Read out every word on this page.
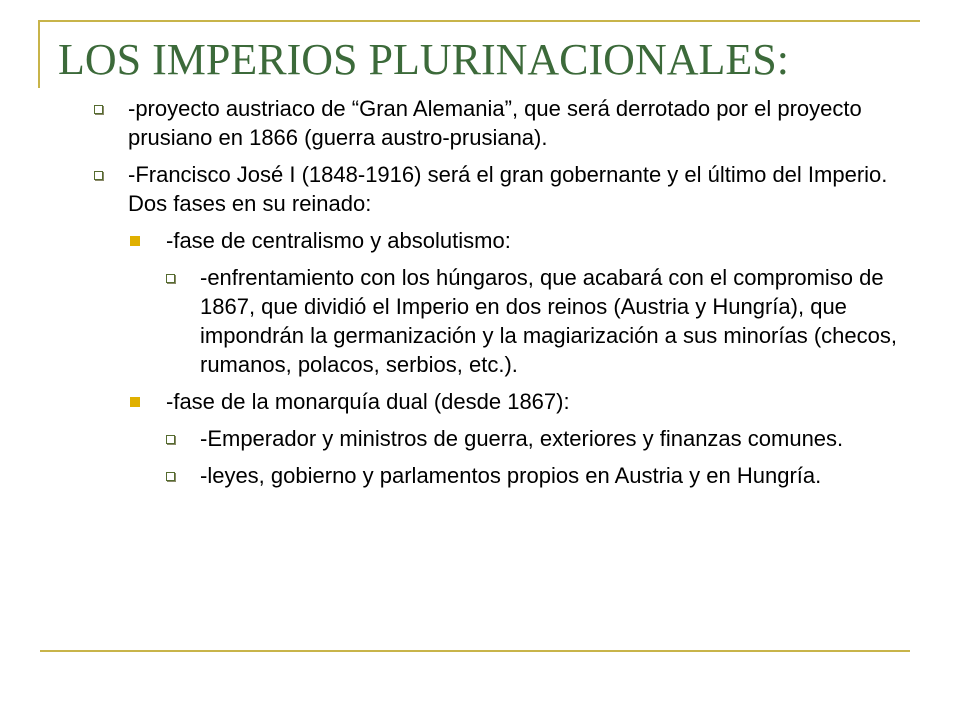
LOS IMPERIOS PLURINACIONALES:
-proyecto austriaco de “Gran Alemania”, que será derrotado por el proyecto prusiano en 1866 (guerra austro-prusiana).
-Francisco José I (1848-1916) será el gran gobernante y el último del Imperio. Dos fases en su reinado:
-fase de centralismo y absolutismo:
-enfrentamiento con los húngaros, que acabará con el compromiso de 1867, que dividió el Imperio en dos reinos (Austria y Hungría), que impondrán la germanización y la magiarización a sus minorías (checos, rumanos, polacos, serbios, etc.).
-fase de la monarquía dual (desde 1867):
-Emperador y ministros de guerra, exteriores y finanzas comunes.
-leyes, gobierno y parlamentos propios en Austria y en Hungría.
